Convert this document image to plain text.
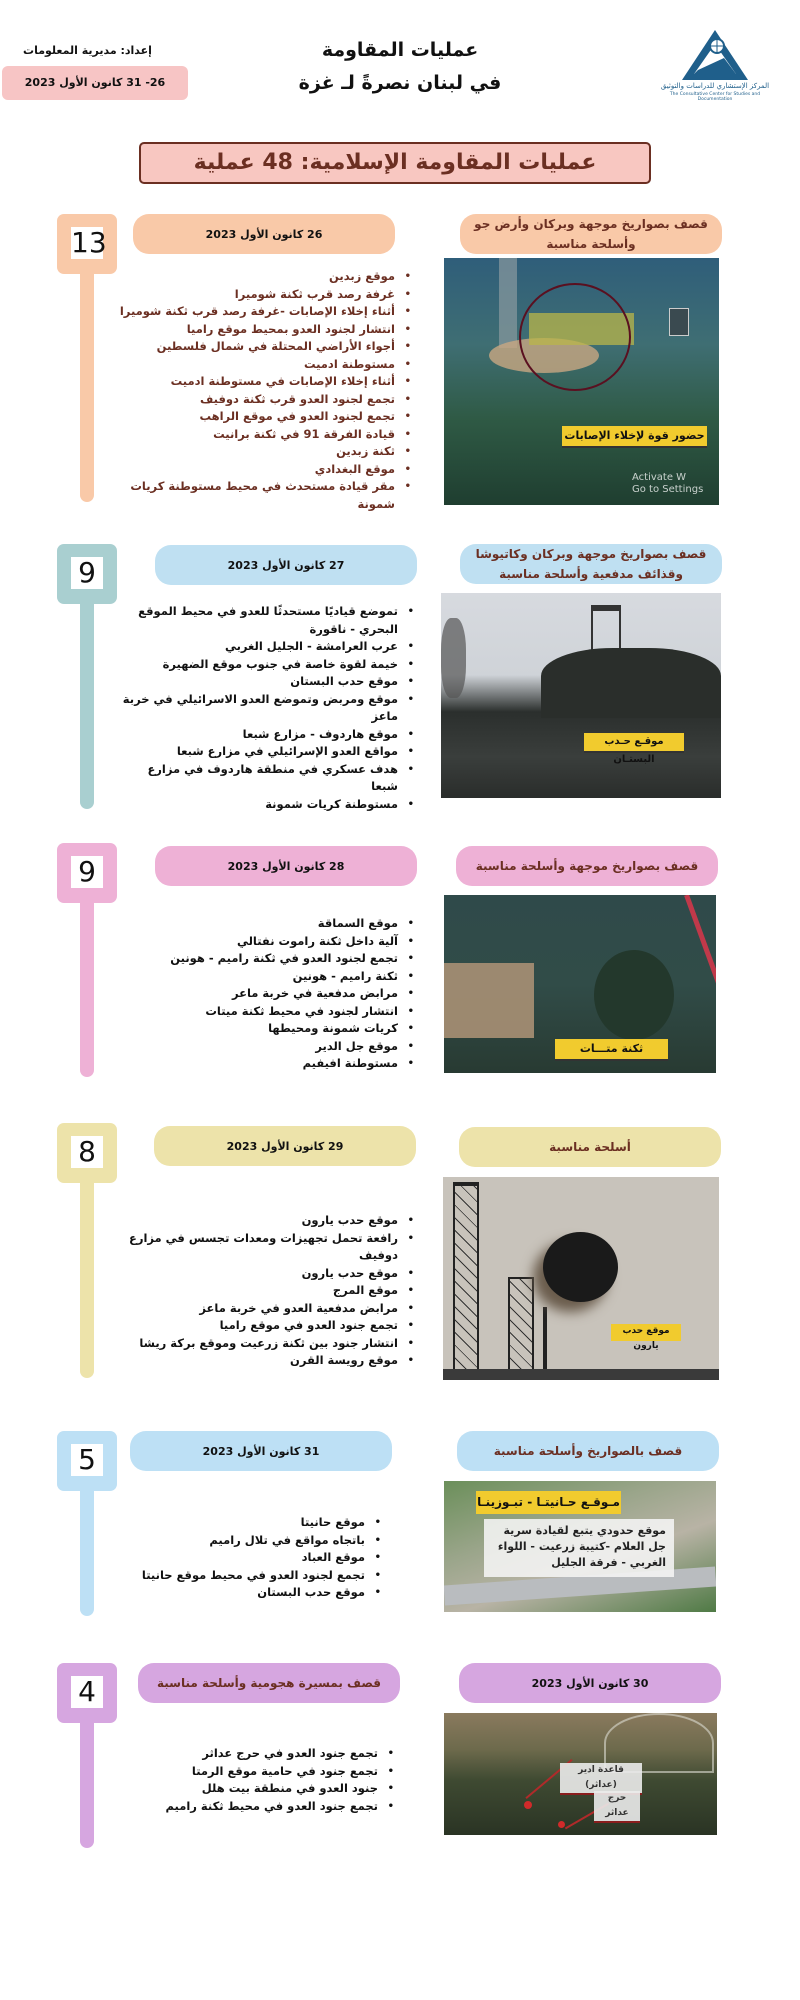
المركز الإستشاري للدراسات والتوثيق
The Consultative Center for Studies and Documentation
عمليات المقاومة
في لبنان نصرةً لـ غزة
إعداد: مديرية المعلومات
26- 31 كانون الأول 2023
عمليات المقاومة الإسلامية: 48 عملية
13	26 كانون الأول 2023
قصف بصواريخ موجهة وبركان وأرض جو وأسلحة مناسبة
• موقع زبدين
• غرفة رصد قرب ثكنة شوميرا
• أثناء إخلاء الإصابات -غرفة رصد قرب ثكنة شوميرا
• انتشار لجنود العدو بمحيط موقع راميا
• أجواء الأراضي المحتلة في شمال فلسطين
• مستوطنة ادميت
• أثناء إخلاء الإصابات في مستوطنة ادميت
• تجمع لجنود العدو قرب ثكنة دوفيف
• تجمع لجنود العدو في موقع الراهب
• قيادة الفرقة 91 في ثكنة برانيت
• ثكنة زبدين
• موقع البغدادي
• مقر قيادة مستحدث في محيط مستوطنة كريات شمونة
حضور قوة لإخلاء الإصابات
Activate W
Go to Settings
9	27 كانون الأول 2023
قصف بصواريخ موجهة وبركان وكاتيوشا وقذائف مدفعية وأسلحة مناسبة
• تموضع قياديًا مستحدثًا للعدو في محيط الموقع البحري - ناقورة
• عرب العرامشة - الجليل الغربي
• خيمة لقوة خاصة في جنوب موقع الضهيرة
• موقع حدب البستان
• موقع ومربض وتموضع العدو الاسرائيلي في خربة ماعز
• موقع هاردوف - مزارع شبعا
• مواقع العدو الإسرائيلي في مزارع شبعا
• هدف عسكري في منطقة هاردوف في مزارع شبعا
• مستوطنة كريات شمونة
موقـع حـدب البستـان
9	28 كانون الأول 2023	قصف بصواريخ موجهة وأسلحة مناسبة
• موقع السماقة
• آلية داخل ثكنة راموت نفتالي
• تجمع لجنود العدو في ثكنة راميم - هونين
• ثكنة راميم - هونين
• مرابض مدفعية في خربة ماعر
• انتشار لجنود في محيط ثكنة ميتات
• كريات شمونة ومحيطها
• موقع جل الدير
• مستوطنة افيفيم
ثكنة متـــات
8	29 كانون الأول 2023	أسلحة مناسبة
• موقع حدب يارون
• رافعة تحمل تجهيزات ومعدات تجسس في مزارع دوفيف
• موقع حدب يارون
• موقع المرج
• مرابض مدفعية العدو في خربة ماعز
• تجمع جنود العدو في موقع راميا
• انتشار جنود بين ثكنة زرعيت وموقع بركة ريشا
• موقع رويسة القرن
موقع حدب يارون
5	31 كانون الأول 2023	قصف بالصواريخ وأسلحة مناسبة
• موقع حانيتا
• باتجاه مواقع في تلال راميم
• موقع العباد
• تجمع لجنود العدو في محيط موقع حانيتا
• موقع حدب البستان
مـوقـع حـانيتـا - تبـوزينـا
موقع حدودي يتبع لقيادة سرية جل العلام -كتيبة زرعيت - اللواء الغربي - فرقة الجليل
4	قصف بمسيرة هجومية وأسلحة مناسبة	30 كانون الأول 2023
• تجمع جنود العدو في حرج عداثر
• تجمع جنود في حامية موقع الرمتا
• جنود العدو في منطقة بيت هلل
• تجمع جنود العدو في محيط ثكنة راميم
قاعدة ادير (عداثر)
حرج عداثر
